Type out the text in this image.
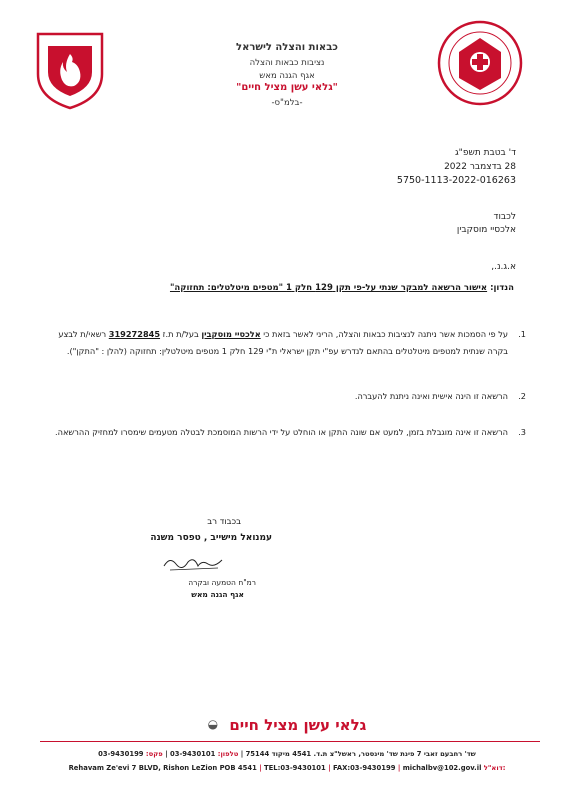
כבאות והצלה לישראל
נציבות כבאות והצלה
אגף הגנה מאש
"גלאי עשן מציל חיים"
-בלמ"ס-
ד' בטבת תשפ"ג
28 בדצמבר 2022
5750-1113-2022-016263
לכבוד
אלכסיי מוסקבין
א.ג.נ.,
הנדון: אישור הרשאה למבקר שנתי על-פי תקן 129 חלק 1 "מטפים מיטלטלים: תחזוקה"
1.
על פי הסמכות אשר ניתנה לנציבות כבאות והצלה, הריני לאשר בזאת כי אלכסיי מוסקבין בעל/ת ת.ז 319272845 רשאי/ת לבצע בקרה שנתית למטפים מיטלטלים בהתאם לנדרש עפ"י תקן ישראלי ת"י 129 חלק 1 מטפים מיטלטלין: תחזוקה (להלן : "התקן").
2.
הרשאה זו הינה אישית ואינה ניתנת להעברה.
3.
הרשאה זו אינה מוגבלת בזמן, למעט אם שונה התקן או הוחלט על ידי הרשות המוסמכת לבטלה מטעמים שימסרו למחזיק ההרשאה.
בכבוד רב
עמנואל מישייב , טפסר משנה
רמ"ח הטמעה ובקרה
אגף הגנה מאש
גלאי עשן מציל חיים ◒
שד' רחבעם זאבי 7 פינת שד' מינסטר, ראשל"צ ת.ד. 4541 מיקוד 75144 | טלפון: 03-9430101 | פקס: 03-9430199
Rehavam Ze'evi 7 BLVD, Rishon LeZion POB 4541 | TEL:03-9430101 | FAX:03-9430199 | michalbv@102.gov.il דוא"ל:
